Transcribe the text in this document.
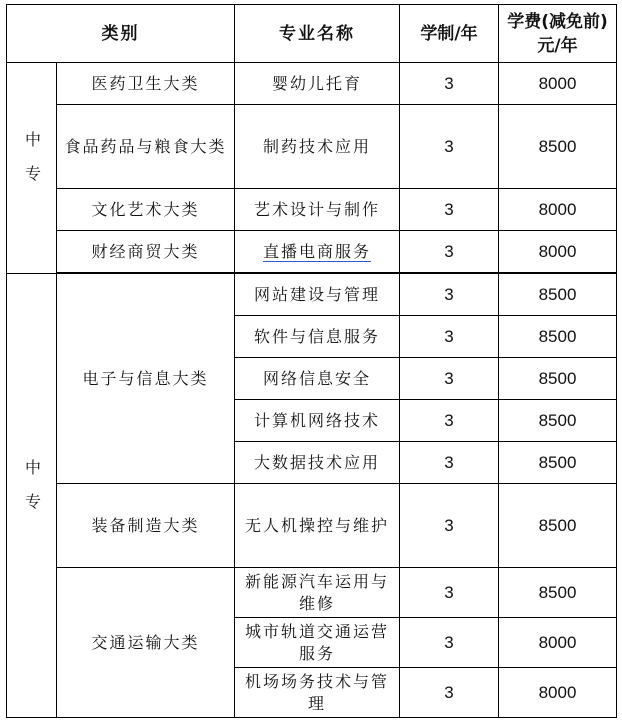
类别		专业名称	学制/年	学费(减免前)元/年
中专	医药卫生大类	婴幼儿托育	3	8000
	食品药品与粮食大类	制药技术应用	3	8500
	文化艺术大类	艺术设计与制作	3	8000
	财经商贸大类	直播电商服务	3	8000

中专	电子与信息大类	网站建设与管理	3	8500
		软件与信息服务	3	8500
		网络信息安全	3	8500
		计算机网络技术	3	8500
		大数据技术应用	3	8500
	装备制造大类	无人机操控与维护	3	8500
	交通运输大类	新能源汽车运用与维修	3	8500
		城市轨道交通运营服务	3	8000
		机场场务技术与管理	3	8000
